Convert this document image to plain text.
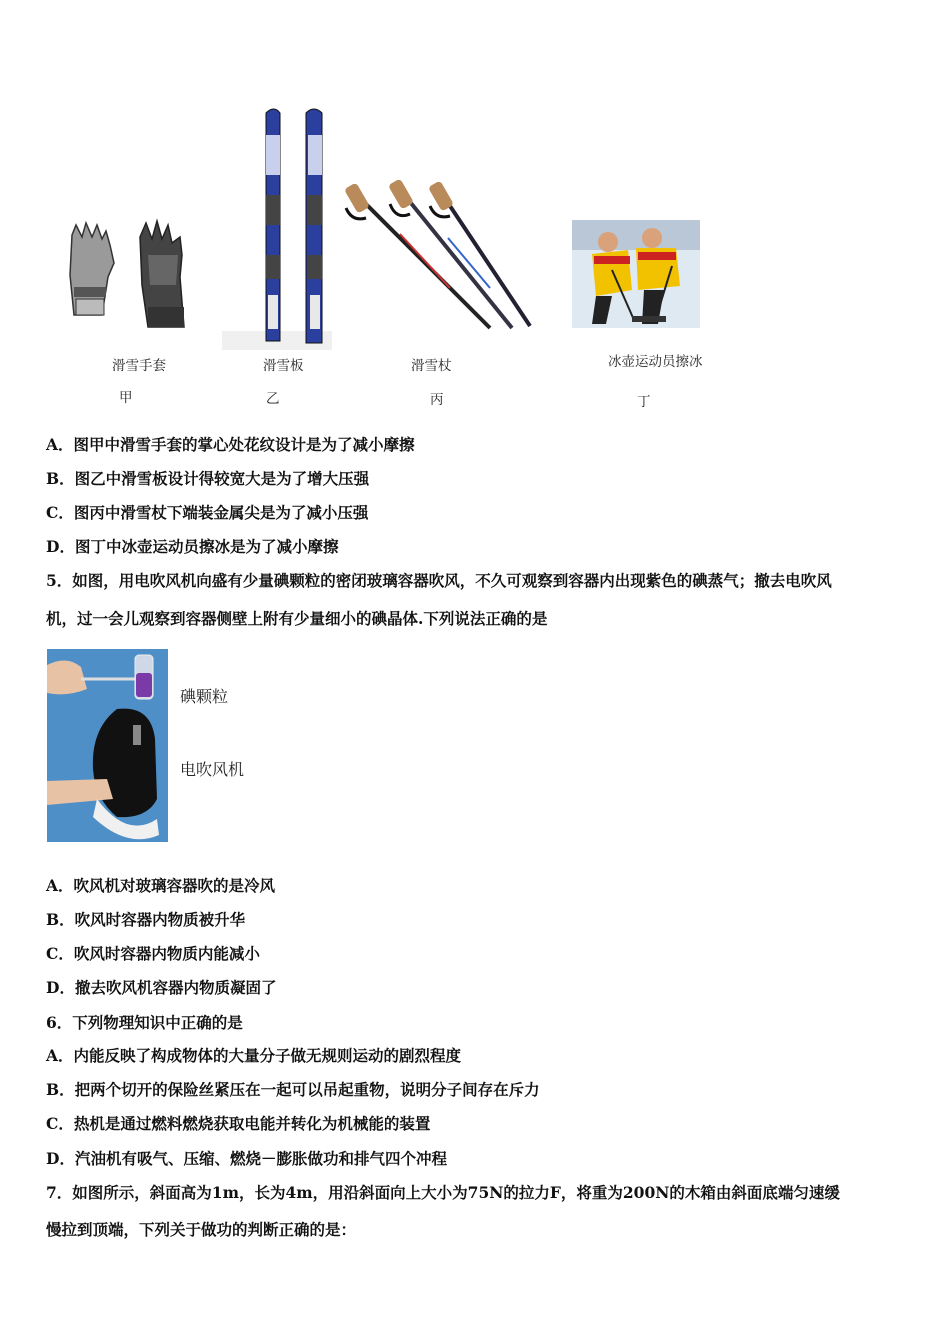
滑雪手套	滑雪板	滑雪杖	冰壶运动员擦冰
甲	乙	丙	丁
A．图甲中滑雪手套的掌心处花纹设计是为了减小摩擦
B．图乙中滑雪板设计得较宽大是为了增大压强
C．图丙中滑雪杖下端装金属尖是为了减小压强
D．图丁中冰壶运动员擦冰是为了减小摩擦
5．如图，用电吹风机向盛有少量碘颗粒的密闭玻璃容器吹风，不久可观察到容器内出现紫色的碘蒸气；撤去电吹风
机，过一会儿观察到容器侧壁上附有少量细小的碘晶体.下列说法正确的是
碘颗粒
电吹风机
A．吹风机对玻璃容器吹的是冷风
B．吹风时容器内物质被升华
C．吹风时容器内物质内能减小
D．撤去吹风机容器内物质凝固了
6．下列物理知识中正确的是
A．内能反映了构成物体的大量分子做无规则运动的剧烈程度
B．把两个切开的保险丝紧压在一起可以吊起重物，说明分子间存在斥力
C．热机是通过燃料燃烧获取电能并转化为机械能的装置
D．汽油机有吸气、压缩、燃烧－膨胀做功和排气四个冲程
7．如图所示，斜面高为1m，长为4m，用沿斜面向上大小为75N的拉力F，将重为200N的木箱由斜面底端匀速缓
慢拉到顶端，下列关于做功的判断正确的是：
